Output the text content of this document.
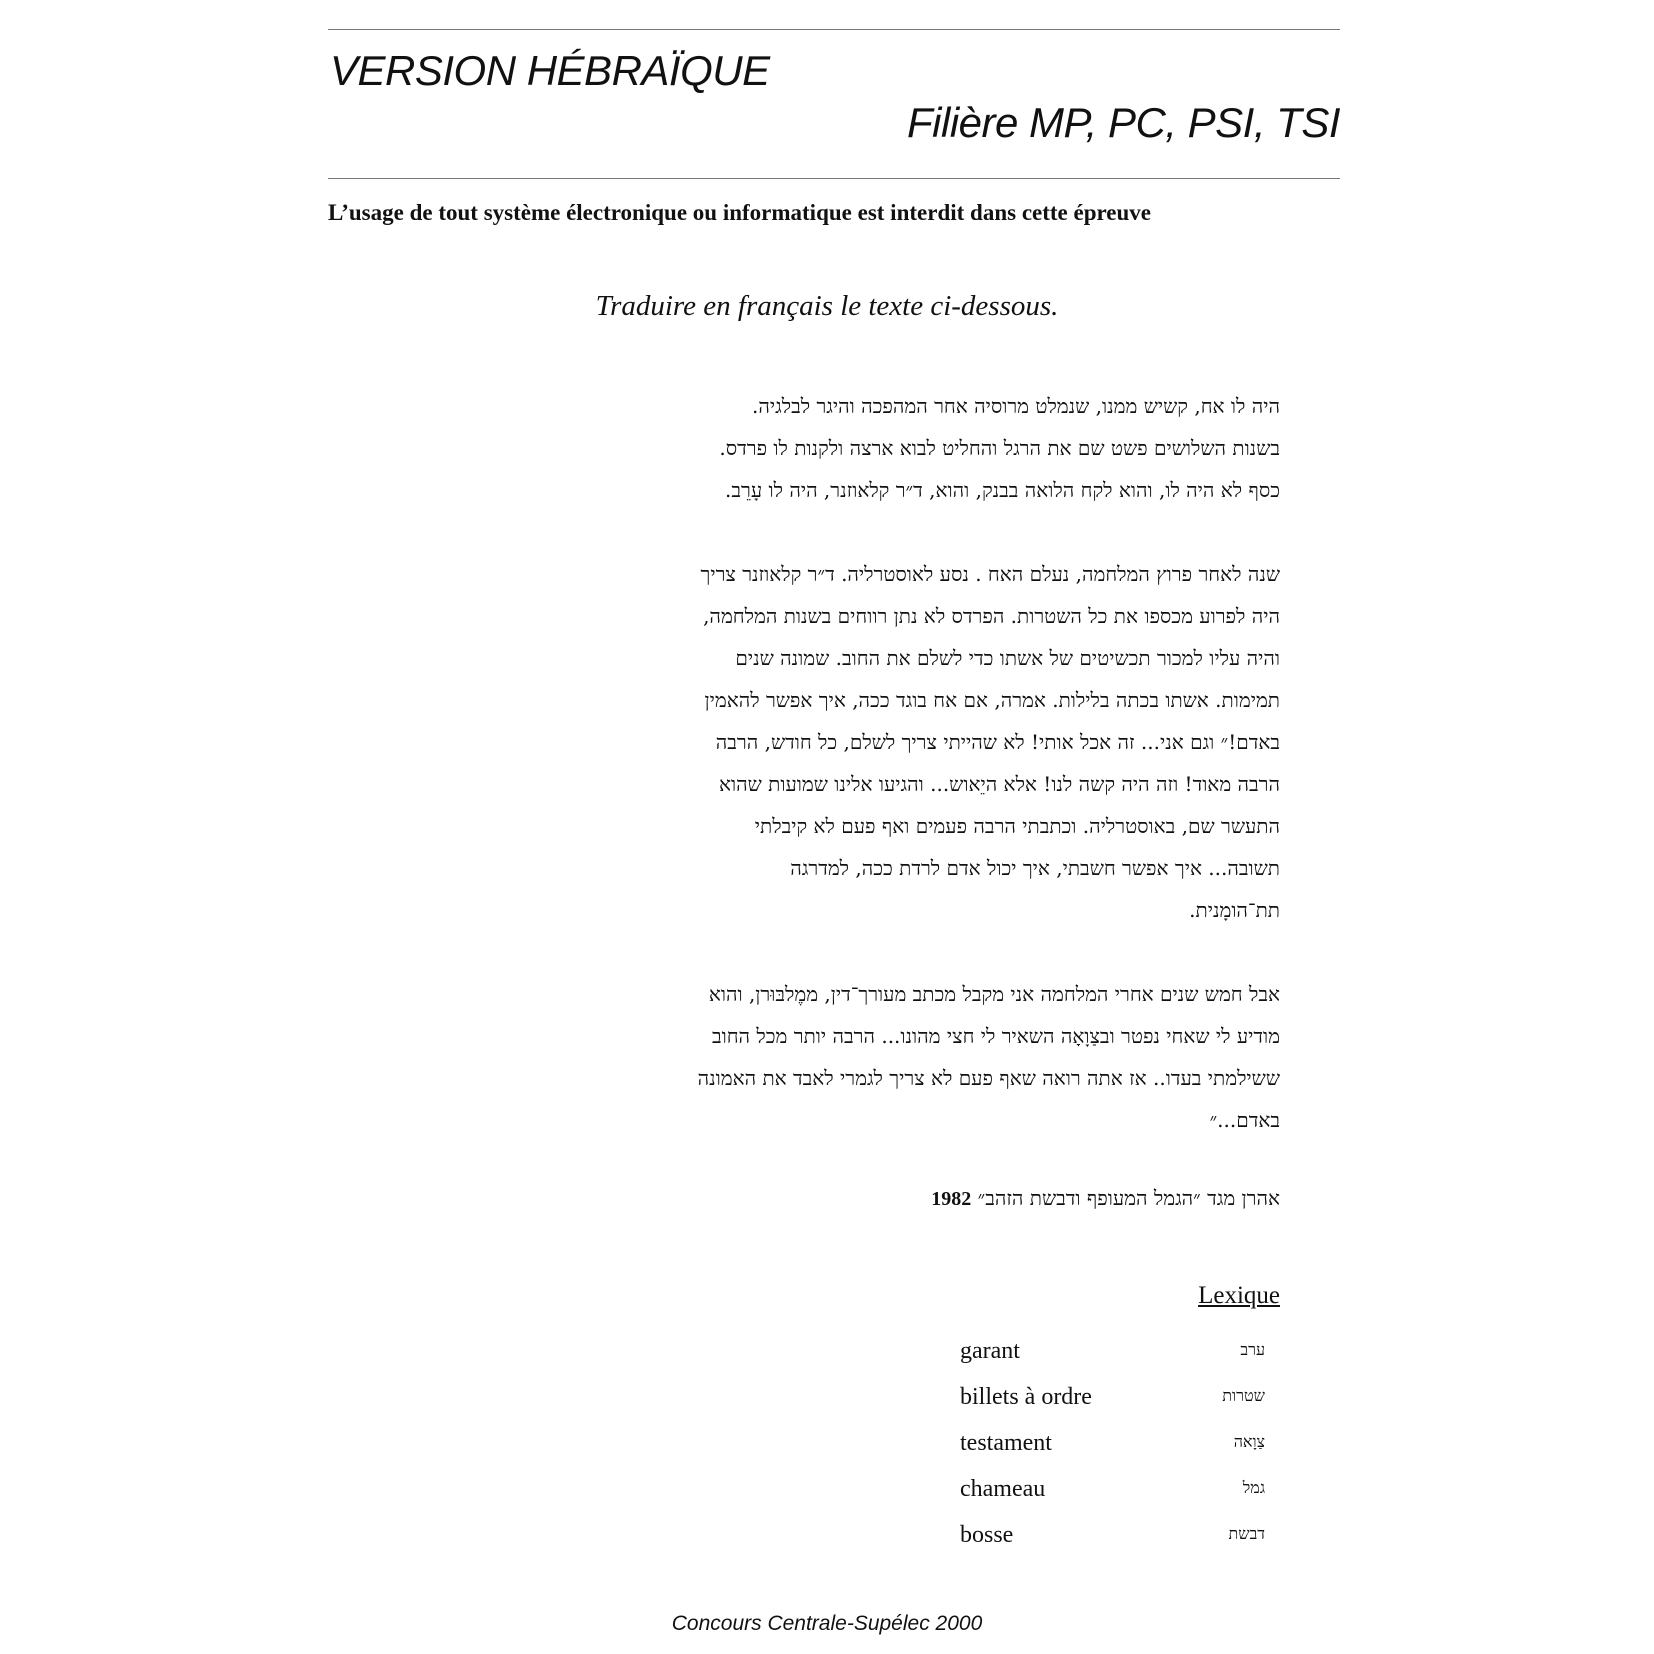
VERSION HÉBRAÏQUE
Filière MP, PC, PSI, TSI
L’usage de tout système électronique ou informatique est interdit dans cette épreuve
Traduire en français le texte ci-dessous.
היה לו אח, קשיש ממנו, שנמלט מרוסיה אחר המהפכה והיגר לבלגיה.
בשנות השלושים פשט שם את הרגל והחליט לבוא ארצה ולקנות לו פרדס.
כסף לא היה לו, והוא לקח הלואה בבנק, והוא, ד״ר קלאוזנר, היה לו עָרֵב.
שנה לאחר פרוץ המלחמה, נעלם האח . נסע לאוסטרליה. ד״ר קלאוזנר צריך
היה לפרוע מכספו את כל השטרות. הפרדס לא נתן רווחים בשנות המלחמה,
והיה עליו למכור תכשיטים של אשתו כדי לשלם את החוב. שמונה שנים
תמימות. אשתו בכתה בלילות. אמרה, אם אח בוגד ככה, איך אפשר להאמין
באדם!״ וגם אני... זה אכל אותי! לא שהייתי צריך לשלם, כל חודש, הרבה
הרבה מאוד! וזה היה קשה לנו! אלא היֵאוש... והגיעו אלינו שמועות שהוא
התעשר שם, באוסטרליה. וכתבתי הרבה פעמים ואף פעם לא קיבלתי
תשובה... איך אפשר חשבתי, איך יכול אדם לרדת ככה, למדרגה
תת־הומָנית.
אבל חמש שנים אחרי המלחמה אני מקבל מכתב מעורך־דין, ממֶלבּוּרן, והוא
מודיע לי שאחי נפטר ובצַוָאָה השאיר לי חצי מהונו... הרבה יותר מכל החוב
ששילמתי בעדו.. אז אתה רואה שאף פעם לא צריך לגמרי לאבד את האמונה
באדם...״
אהרן מגד ״הגמל המעופף ודבשת הזהב״ 1982
Lexique
garant	ערב
billets à ordre	שטרות
testament	צַוָאה
chameau	גמל
bosse	דבשת
Concours Centrale-Supélec 2000
